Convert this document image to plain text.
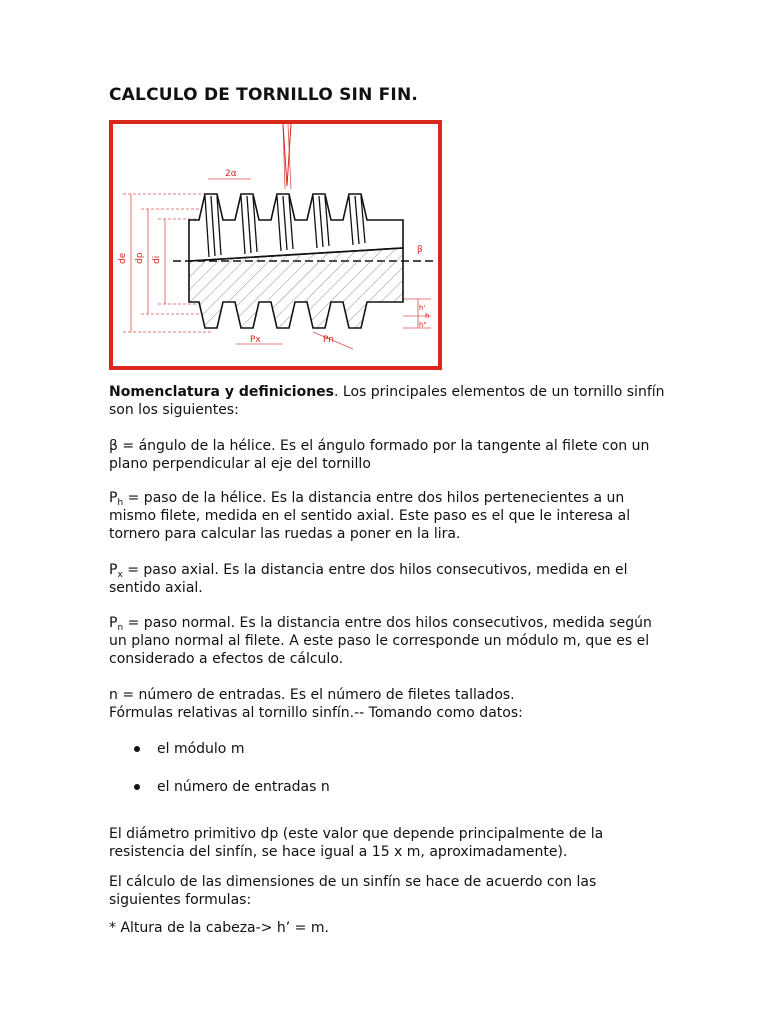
CALCULO DE TORNILLO SIN FIN.
2α
de dp di
β
h'
h
h"
Px	Pn

Nomenclatura y definiciones. Los principales elementos de un tornillo sinfín son los siguientes:

β = ángulo de la hélice. Es el ángulo formado por la tangente al filete con un plano perpendicular al eje del tornillo

$P_h$ = paso de la hélice. Es la distancia entre dos hilos pertenecientes a un mismo filete, medida en el sentido axial. Este paso es el que le interesa al tornero para calcular las ruedas a poner en la lira.

$P_x$ = paso axial. Es la distancia entre dos hilos consecutivos, medida en el sentido axial.

$P_n$ = paso normal. Es la distancia entre dos hilos consecutivos, medida según un plano normal al filete. A este paso le corresponde un módulo m, que es el considerado a efectos de cálculo.

n = número de entradas. Es el número de filetes tallados.

Fórmulas relativas al tornillo sinfín.-- Tomando como datos:

el módulo m
el número de entradas n

El diámetro primitivo dp (este valor que depende principalmente de la resistencia del sinfín, se hace igual a 15 x m, aproximadamente).

El cálculo de las dimensiones de un sinfín se hace de acuerdo con las siguientes formulas:

* Altura de la cabeza-> h’ = m.
